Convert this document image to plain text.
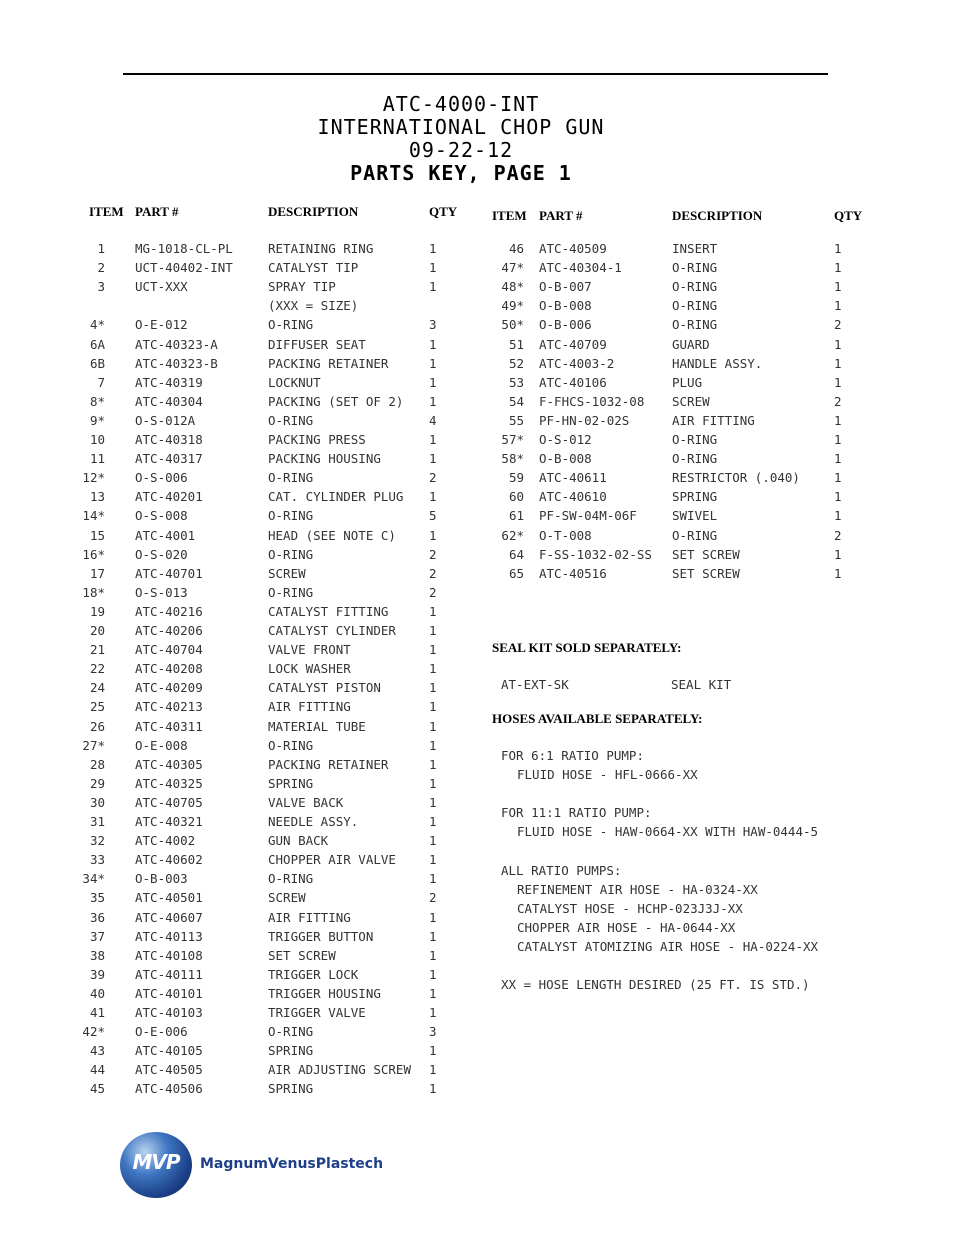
ATC-4000-INT
INTERNATIONAL CHOP GUN
09-22-12
PARTS KEY, PAGE 1
ITEM PART #	DESCRIPTION	QTY	ITEM PART #	DESCRIPTION	QTY
1 MG-1018-CL-PL	RETAINING RING	1
2 UCT-40402-INT	CATALYST TIP	1
3 UCT-XXX	SPRAY TIP	1
(XXX = SIZE)
4* O-E-012	O-RING	3
6A ATC-40323-A	DIFFUSER SEAT	1
6B ATC-40323-B	PACKING RETAINER	1
7 ATC-40319	LOCKNUT	1
8* ATC-40304	PACKING (SET OF 2) 1
9* O-S-012A	O-RING	4
10 ATC-40318	PACKING PRESS	1
11 ATC-40317	PACKING HOUSING	1
12* O-S-006	O-RING	2
13 ATC-40201	CAT. CYLINDER PLUG 1
14* O-S-008	O-RING	5
15 ATC-4001	HEAD (SEE NOTE C)	1
16* O-S-020	O-RING	2
17 ATC-40701	SCREW	2
18* O-S-013	O-RING	2
19 ATC-40216	CATALYST FITTING	1
20 ATC-40206	CATALYST CYLINDER	1
21 ATC-40704	VALVE FRONT	1
22 ATC-40208	LOCK WASHER	1
24 ATC-40209	CATALYST PISTON	1
25 ATC-40213	AIR FITTING	1
26 ATC-40311	MATERIAL TUBE	1
27* O-E-008	O-RING	1
28 ATC-40305	PACKING RETAINER	1
29 ATC-40325	SPRING	1
30 ATC-40705	VALVE BACK	1
31 ATC-40321	NEEDLE ASSY.	1
32 ATC-4002	GUN BACK	1
33 ATC-40602	CHOPPER AIR VALVE	1
34* O-B-003	O-RING	1
35 ATC-40501	SCREW	2
36 ATC-40607	AIR FITTING	1
37 ATC-40113	TRIGGER BUTTON	1
38 ATC-40108	SET SCREW	1
39 ATC-40111	TRIGGER LOCK	1
40 ATC-40101	TRIGGER HOUSING	1
41 ATC-40103	TRIGGER VALVE	1
42* O-E-006	O-RING	3
43 ATC-40105	SPRING	1
44 ATC-40505	AIR ADJUSTING SCREW 1
45 ATC-40506	SPRING	1
46 ATC-40509	INSERT	1
47* ATC-40304-1	O-RING	1
48* O-B-007	O-RING	1
49* O-B-008	O-RING	1
50* O-B-006	O-RING	2
51 ATC-40709	GUARD	1
52 ATC-4003-2	HANDLE ASSY.	1
53 ATC-40106	PLUG	1
54 F-FHCS-1032-08 SCREW	2
55 PF-HN-02-02S	AIR FITTING	1
57* O-S-012	O-RING	1
58* O-B-008	O-RING	1
59 ATC-40611	RESTRICTOR (.040)	1
60 ATC-40610	SPRING	1
61 PF-SW-04M-06F	SWIVEL	1
62* O-T-008	O-RING	2
64 F-SS-1032-02-SS SET SCREW	1
65 ATC-40516	SET SCREW	1
SEAL KIT SOLD SEPARATELY:
AT-EXT-SK	SEAL KIT
HOSES AVAILABLE SEPARATELY:
FOR 6:1 RATIO PUMP:
FLUID HOSE - HFL-0666-XX
FOR 11:1 RATIO PUMP:
FLUID HOSE - HAW-0664-XX WITH HAW-0444-5
ALL RATIO PUMPS:
REFINEMENT AIR HOSE - HA-0324-XX
CATALYST HOSE - HCHP-023J3J-XX
CHOPPER AIR HOSE - HA-0644-XX
CATALYST ATOMIZING AIR HOSE - HA-0224-XX
XX = HOSE LENGTH DESIRED (25 FT. IS STD.)
MVP	MagnumVenusPlastech
